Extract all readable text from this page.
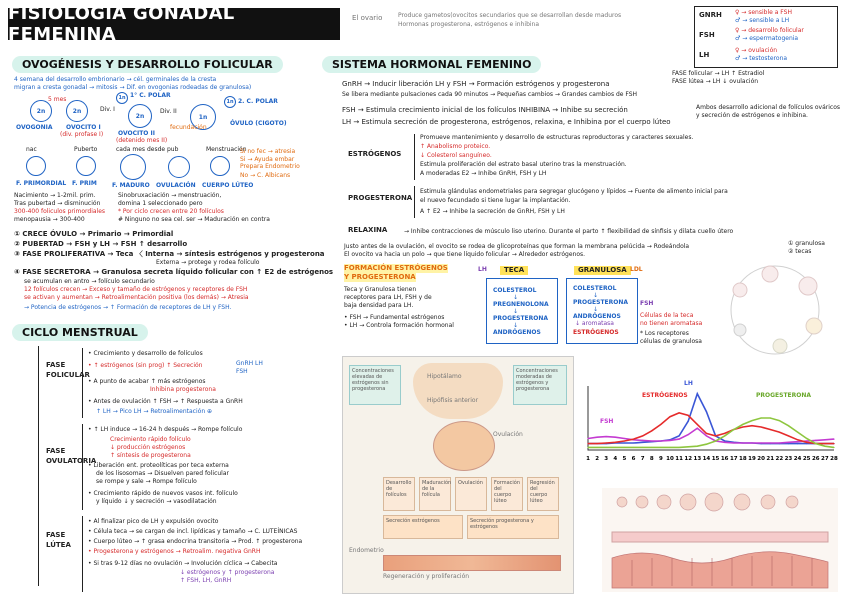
FISIOLOGÍA GONADAL FEMENINA
El ovario	Produce gametos(ovocitos secundarios que se desarrollan desde maduros
Hormonas progesterona, estrógenos e inhibina
GNRH ♀ → sensible a FSH
♂ → sensible a LH
FSH
♀ → desarrollo folicular
♂ → espermatogenia
LH
♀ → ovulación
♂ → testosterona
OVOGÉNESIS Y DESARROLLO FOLICULAR
4 semana del desarrollo embrionario → cél. germinales de la cresta
migran a cresta gonadal → mitosis → Dif. en ovogonias rodeadas de granulosa)
5 mes
2n	2n	Div. I
2n
1n 1° C. POLAR
Div. II
1n
1n 2. C. POLAR
fecundación
OVOGONIA OVOCITO I
(div. profase I) OVOCITO II
(detenido mes II)
ÓVULO (CIGOTO)
nac	Puberto	cada mes desde pub	Menstruación
Si no fec → atresia
Si → Ayuda embar
Prepara Endometrio
No → C. Albicans
F. PRIMORDIAL F. PRIM	F. MADURO OVULACIÓN CUERPO LÚTEO
Nacimiento → 1-2mil. prim.
Tras pubertad → disminución
300-400 foliculos primordiales
menopausia → 300-400
Sinobruxaciación → menstruación,
domina 1 seleccionado pero
* Por ciclo crecen entre 20 folículos
# Ninguno no sea cel. ser → Maduración en contra
① CRECE ÓVULO → Primario → Primordial
② PUBERTAD → FSH y LH → FSH ↑ desarrollo
③ FASE PROLIFERATIVA → Teca 〈 Interna → síntesis estrógenos y progesterona
Externa → protege y rodea folículo
④ FASE SECRETORA → Granulosa secreta líquido folicular con ↑ E2 de estrógenos
se acumulan en antro → folículo secundario
12 folículos crecen → Exceso y tamaño de estrógenos y receptores de FSH
se activan y aumentan → Retroalimentación positiva (los demás) → Atresia
→ Potencia de estrógenos → ↑ Formación de receptores de LH y FSH.
CICLO MENSTRUAL
FASE FOLICULAR
• Crecimiento y desarrollo de folículos
• ↑ estrógenos (sin prog) ↑ Secreción	GnRH LH FSH
• A punto de acabar ↑ más estrógenos
Inhibina progesterona
• Antes de ovulación ↑ FSH → ↑ Respuesta a GnRH
↑ LH → Pico LH → Retroalimentación ⊕
FASE OVULATORIA
• ↑ LH induce → 16-24 h después → Rompe folículo
Crecimiento rápido folículo
↓ producción estrógenos
↑ síntesis de progesterona
• Liberación ent. proteolíticas por teca externa
de los lisosomas → Disuelven pared folicular
se rompe y sale → Rompe folículo
• Crecimiento rápido de nuevos vasos int. folículo
y líquido ↓ y secreción → vasodilatación
FASE LÚTEA
• Al finalizar pico de LH y expulsión ovocito
• Célula teca → se cargan de incl. lipídicas y tamaño → C. LUTEÍNICAS
• Cuerpo lúteo → ↑ grasa endocrina transitoria → Prod. ↑ progesterona
• Progesterona y estrógenos → Retroalim. negativa GnRH
• Si tras 9-12 días no ovulación → Involución cíclica → Cabecita
↓ estrógenos y ↑ progesterona
↑ FSH, LH, GnRH
SISTEMA HORMONAL FEMENINO
FASE folicular → LH ↑ Estradiol
FASE lútea → LH ↓ ovulación
GnRH → Inducir liberación LH y FSH → Formación estrógenos y progesterona
Se libera mediante pulsaciones cada 90 minutos → Pequeñas cambios → Grandes cambios de FSH
FSH → Estimula crecimiento inicial de los folículos INHIBINA → Inhibe su secreción
LH → Estimula secreción de progesterona, estrógenos, relaxina, e Inhibina por el cuerpo lúteo
Ambos desarrollo adicional de folículos ováricos y secreción de estrógenos e inhibina.
ESTRÓGENOS
Promueve mantenimiento y desarrollo de estructuras reproductoras y caracteres sexuales.
↑ Anabolismo proteico.
↓ Colesterol sanguíneo.
Estimula proliferación del estrato basal uterino tras la menstruación.
A moderadas E2 → Inhibe GnRH, FSH y LH
PROGESTERONA
Estimula glándulas endometriales para segregar glucógeno y lípidos → Fuente de alimento inicial para
el nuevo fecundado si tiene lugar la implantación.
A ↑ E2 → Inhibe la secreción de GnRH, FSH y LH
RELAXINA	→ Inhibe contracciones de músculo liso uterino. Durante el parto ↑ flexibilidad de sínfisis y dilata cuello útero
Justo antes de la ovulación, el ovocito se rodea de glicoproteínas que forman la membrana pelúcida → Rodeándola
El ovocito va hacia un polo → que tiene líquido folicular → Alrededor estrógenos.
① granulosa
② tecas
FORMACIÓN ESTRÓGENOS
Y PROGESTERONA
Teca y Granulosa tienen
receptores para LH, FSH y de
baja densidad para LH.
• FSH → Fundamental estrógenos
• LH → Controla formación hormonal
LH	TECA	GRANULOSA LDL
COLESTEROL
↓
PREGNENOLONA
↓
PROGESTERONA
↓
ANDRÓGENOS
COLESTEROL
↓
PROGESTERONA
↓
ANDRÓGENOS
↓ aromatasa
ESTRÓGENOS
FSH
Células de la teca
no tienen aromatasa
* Los receptores
células de granulosa
Concentraciones elevadas de estrógenos sin progesterona
Hipotálamo
Hipófisis anterior
Concentraciones moderadas de estrógenos y progesterona
Ovulación
Desarrollo de folículos
Maduración de la folícula
Ovulación	Formación del cuerpo lúteo
Regresión del cuerpo lúteo
Secreción estrógenos	Secreción progesterona y estrógenos
Endometrio
Regeneración y proliferación
1 2 3 4 5 6 7 8 9 10 11 12 13 14 15 16 17 18 19 20 21 22 23 24 25 26 27 28
LH
FSH
ESTRÓGENOS	PROGESTERONA
